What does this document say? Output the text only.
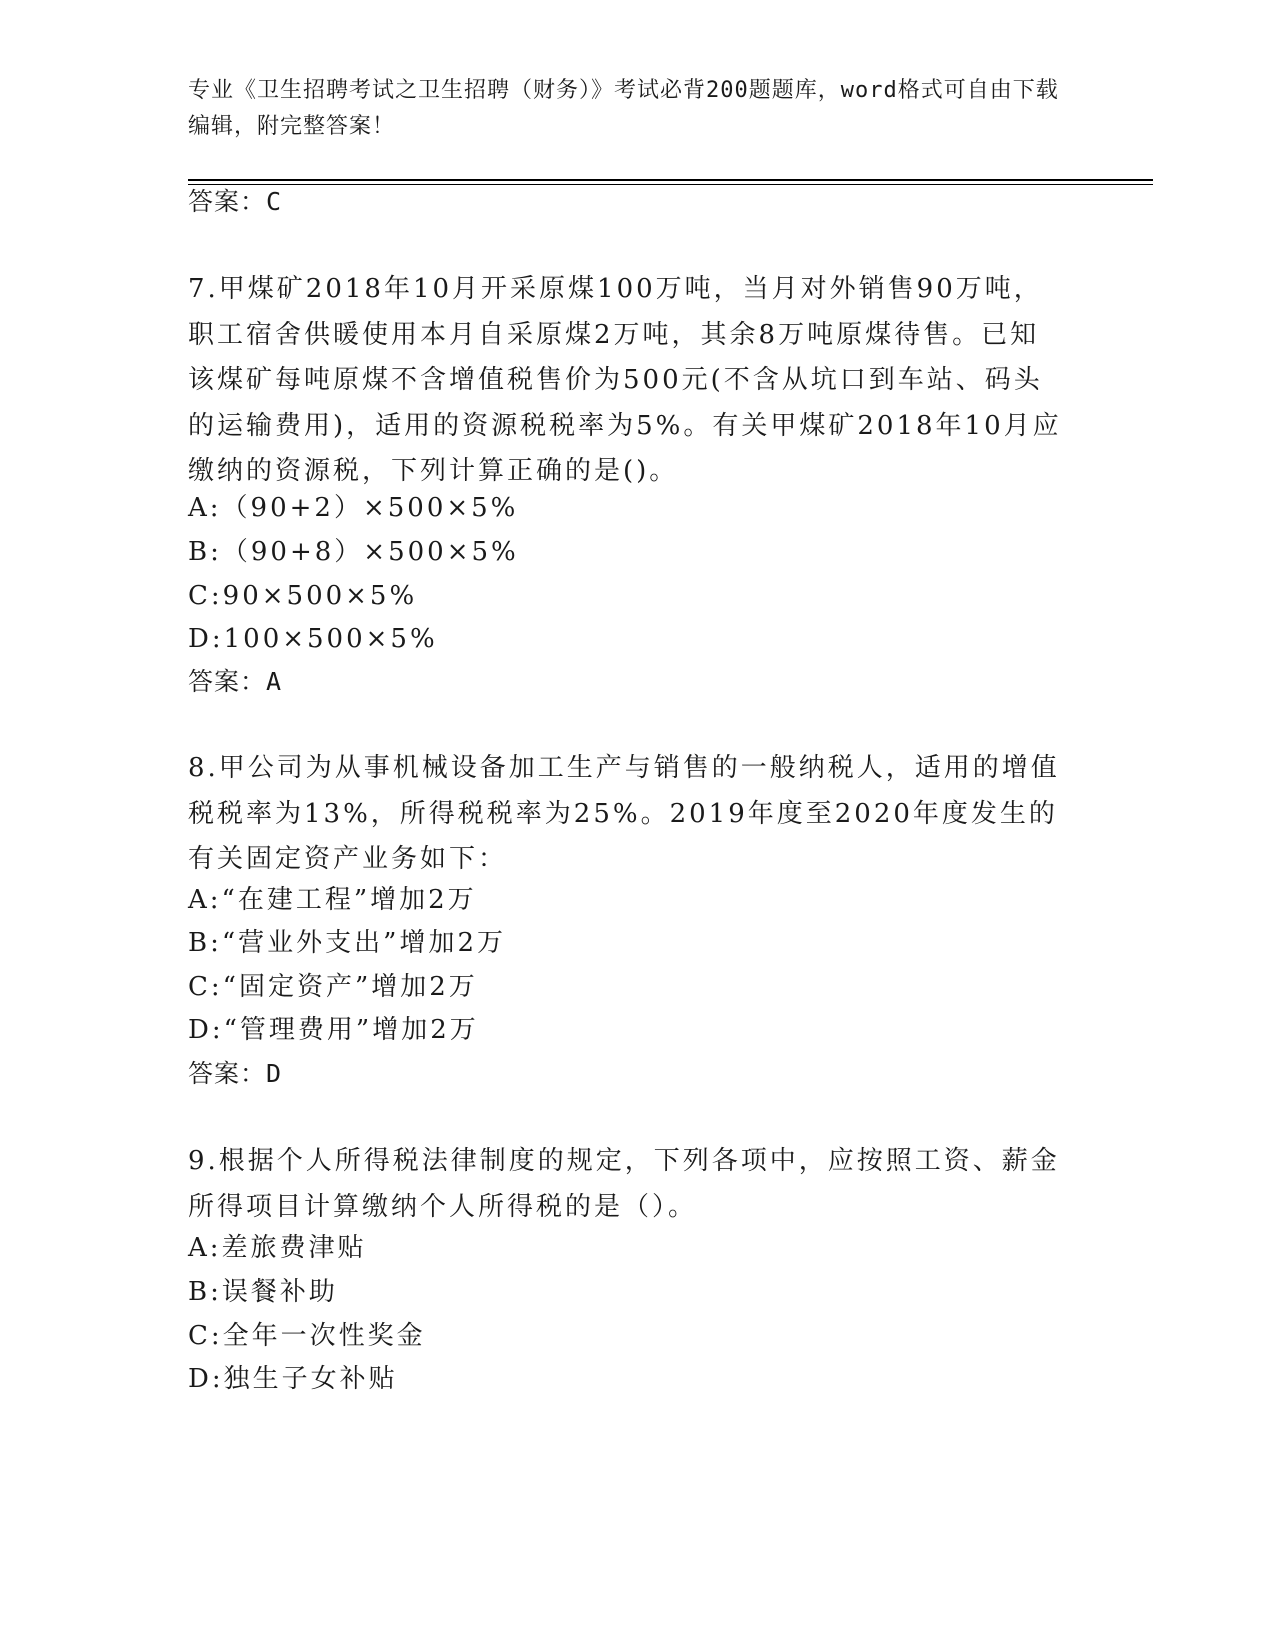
专业《卫生招聘考试之卫生招聘（财务）》考试必背200题题库，word格式可自由下载编辑，附完整答案！
答案：C
7.甲煤矿2018年10月开采原煤100万吨，当月对外销售90万吨，职工宿舍供暖使用本月自采原煤2万吨，其余8万吨原煤待售。已知该煤矿每吨原煤不含增值税售价为500元(不含从坑口到车站、码头的运输费用)，适用的资源税税率为5%。有关甲煤矿2018年10月应缴纳的资源税，下列计算正确的是()。
A:（90+2）×500×5%
B:（90+8）×500×5%
C:90×500×5%
D:100×500×5%
答案：A
8.甲公司为从事机械设备加工生产与销售的一般纳税人，适用的增值税税率为13%，所得税税率为25%。2019年度至2020年度发生的有关固定资产业务如下：
A:“在建工程”增加2万
B:“营业外支出”增加2万
C:“固定资产”增加2万
D:“管理费用”增加2万
答案：D
9.根据个人所得税法律制度的规定，下列各项中，应按照工资、薪金所得项目计算缴纳个人所得税的是（）。
A:差旅费津贴
B:误餐补助
C:全年一次性奖金
D:独生子女补贴
